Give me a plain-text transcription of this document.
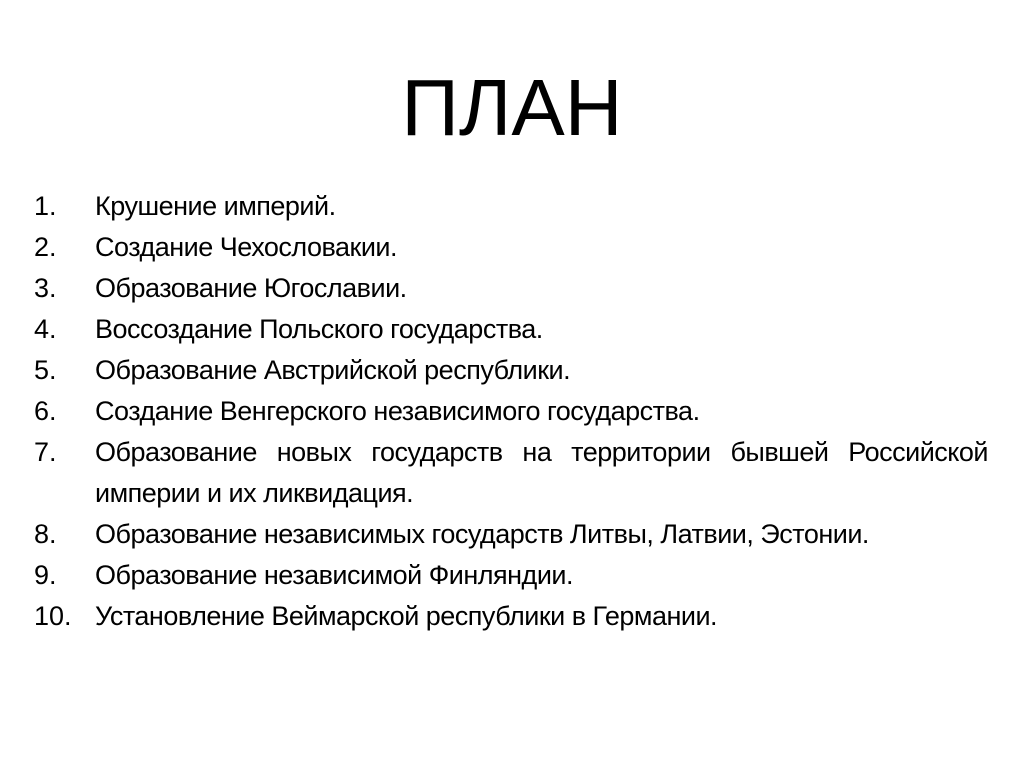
ПЛАН
1.	Крушение империй.
2.	Создание Чехословакии.
3.	Образование Югославии.
4.	Воссоздание Польского государства.
5.	Образование Австрийской республики.
6.	Создание Венгерского независимого государства.
7.	Образование новых государств на территории бывшей Российской империи и их ликвидация.
8.	Образование независимых государств Литвы, Латвии, Эстонии.
9.	Образование независимой Финляндии.
10. Установление Веймарской республики в Германии.
